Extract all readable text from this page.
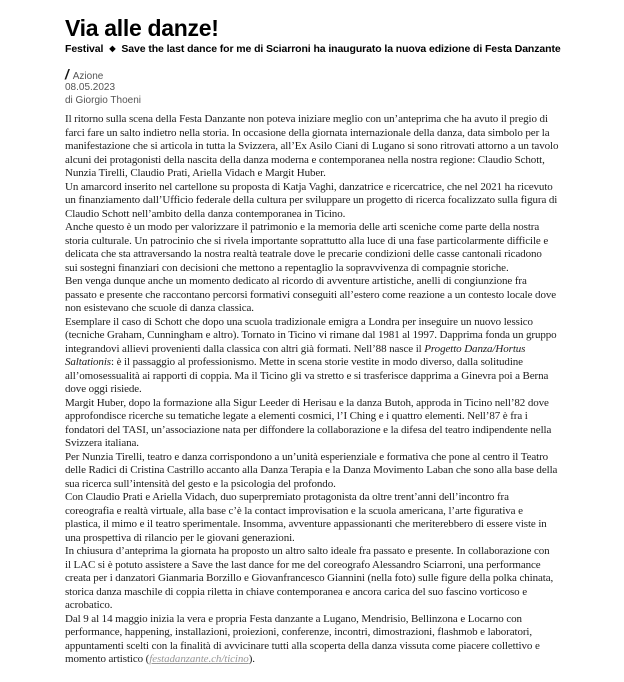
Via alle danze!
Festival ◆ Save the last dance for me di Sciarroni ha inaugurato la nuova edizione di Festa Danzante
/ Azione
08.05.2023
di Giorgio Thoeni
Il ritorno sulla scena della Festa Danzante non poteva iniziare meglio con un’anteprima che ha avuto il pregio di
farci fare un salto indietro nella storia. In occasione della giornata internazionale della danza, data simbolo per la
manifestazione che si articola in tutta la Svizzera, all’Ex Asilo Ciani di Lugano si sono ritrovati attorno a un tavolo
alcuni dei protagonisti della nascita della danza moderna e contemporanea nella nostra regione: Claudio Schott,
Nunzia Tirelli, Claudio Prati, Ariella Vidach e Margit Huber.
Un amarcord inserito nel cartellone su proposta di Katja Vaghi, danzatrice e ricercatrice, che nel 2021 ha ricevuto
un finanziamento dall’Ufficio federale della cultura per sviluppare un progetto di ricerca focalizzato sulla figura di
Claudio Schott nell’ambito della danza contemporanea in Ticino.
Anche questo è un modo per valorizzare il patrimonio e la memoria delle arti sceniche come parte della nostra
storia culturale. Un patrocinio che si rivela importante soprattutto alla luce di una fase particolarmente difficile e
delicata che sta attraversando la nostra realtà teatrale dove le precarie condizioni delle casse cantonali ricadono
sui sostegni finanziari con decisioni che mettono a repentaglio la sopravvivenza di compagnie storiche.
Ben venga dunque anche un momento dedicato al ricordo di avventure artistiche, anelli di congiunzione fra
passato e presente che raccontano percorsi formativi conseguiti all’estero come reazione a un contesto locale dove
non esistevano che scuole di danza classica.
Esemplare il caso di Schott che dopo una scuola tradizionale emigra a Londra per inseguire un nuovo lessico
(tecniche Graham, Cunningham e altro). Tornato in Ticino vi rimane dal 1981 al 1997. Dapprima fonda un gruppo
integrandovi allievi provenienti dalla classica con altri già formati. Nell’88 nasce il Progetto Danza/Hortus
Saltationis: è il passaggio al professionismo. Mette in scena storie vestite in modo diverso, dalla solitudine
all’omosessualità ai rapporti di coppia. Ma il Ticino gli va stretto e si trasferisce dapprima a Ginevra poi a Berna
dove oggi risiede.
Margit Huber, dopo la formazione alla Sigur Leeder di Herisau e la danza Butoh, approda in Ticino nell’82 dove
approfondisce ricerche su tematiche legate a elementi cosmici, l’I Ching e i quattro elementi. Nell’87 è fra i
fondatori del TASI, un’associazione nata per diffondere la collaborazione e la difesa del teatro indipendente nella
Svizzera italiana.
Per Nunzia Tirelli, teatro e danza corrispondono a un’unità esperienziale e formativa che pone al centro il Teatro
delle Radici di Cristina Castrillo accanto alla Danza Terapia e la Danza Movimento Laban che sono alla base della
sua ricerca sull’intensità del gesto e la psicologia del profondo.
Con Claudio Prati e Ariella Vidach, duo superpremiato protagonista da oltre trent’anni dell’incontro fra
coreografia e realtà virtuale, alla base c’è la contact improvisation e la scuola americana, l’arte figurativa e
plastica, il mimo e il teatro sperimentale. Insomma, avventure appassionanti che meriterebbero di essere viste in
una prospettiva di rilancio per le giovani generazioni.
In chiusura d’anteprima la giornata ha proposto un altro salto ideale fra passato e presente. In collaborazione con
il LAC si è potuto assistere a Save the last dance for me del coreografo Alessandro Sciarroni, una performance
creata per i danzatori Gianmaria Borzillo e Giovanfrancesco Giannini (nella foto) sulle figure della polka chinata,
storica danza maschile di coppia riletta in chiave contemporanea e ancora carica del suo fascino vorticoso e
acrobatico.
Dal 9 al 14 maggio inizia la vera e propria Festa danzante a Lugano, Mendrisio, Bellinzona e Locarno con
performance, happening, installazioni, proiezioni, conferenze, incontri, dimostrazioni, flashmob e laboratori,
appuntamenti scelti con la finalità di avvicinare tutti alla scoperta della danza vissuta come piacere collettivo e
momento artistico (festadanzante.ch/ticino).
